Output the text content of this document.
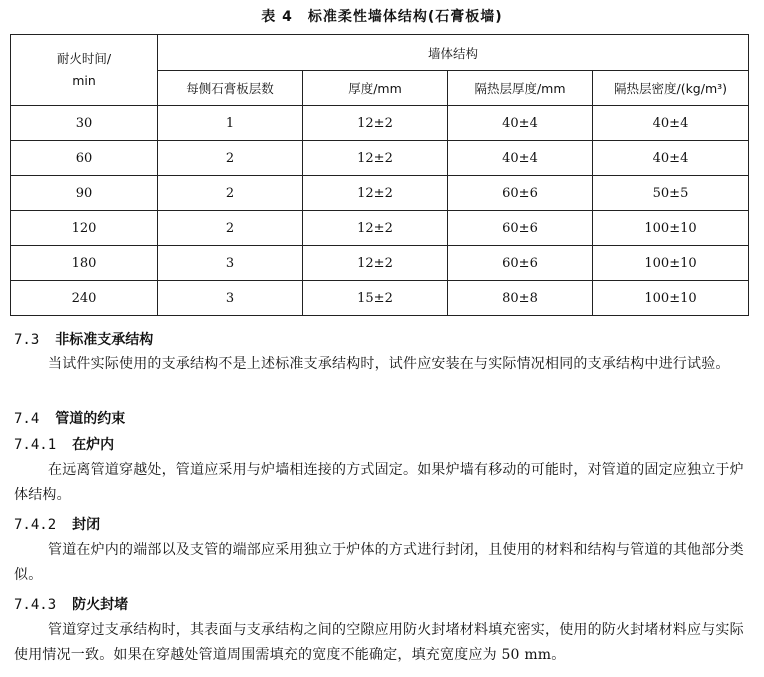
表 4　标准柔性墙体结构(石膏板墙)
耐火时间/
min	墙体结构			
	每侧石膏板层数	厚度/mm	隔热层厚度/mm	隔热层密度/(kg/m³)
30	1	12±2	40±4	40±4
60	2	12±2	40±4	40±4
90	2	12±2	60±6	50±5
120	2	12±2	60±6	100±10
180	3	12±2	60±6	100±10
240	3	15±2	80±8	100±10
7.3 非标准支承结构
当试件实际使用的支承结构不是上述标准支承结构时，试件应安装在与实际情况相同的支承结构中进行试验。
7.4 管道的约束
7.4.1 在炉内
在远离管道穿越处，管道应采用与炉墙相连接的方式固定。如果炉墙有移动的可能时，对管道的固定应独立于炉体结构。
7.4.2 封闭
管道在炉内的端部以及支管的端部应采用独立于炉体的方式进行封闭，且使用的材料和结构与管道的其他部分类似。
7.4.3 防火封堵
管道穿过支承结构时，其表面与支承结构之间的空隙应用防火封堵材料填充密实，使用的防火封堵材料应与实际使用情况一致。如果在穿越处管道周围需填充的宽度不能确定，填充宽度应为 50 mm。
